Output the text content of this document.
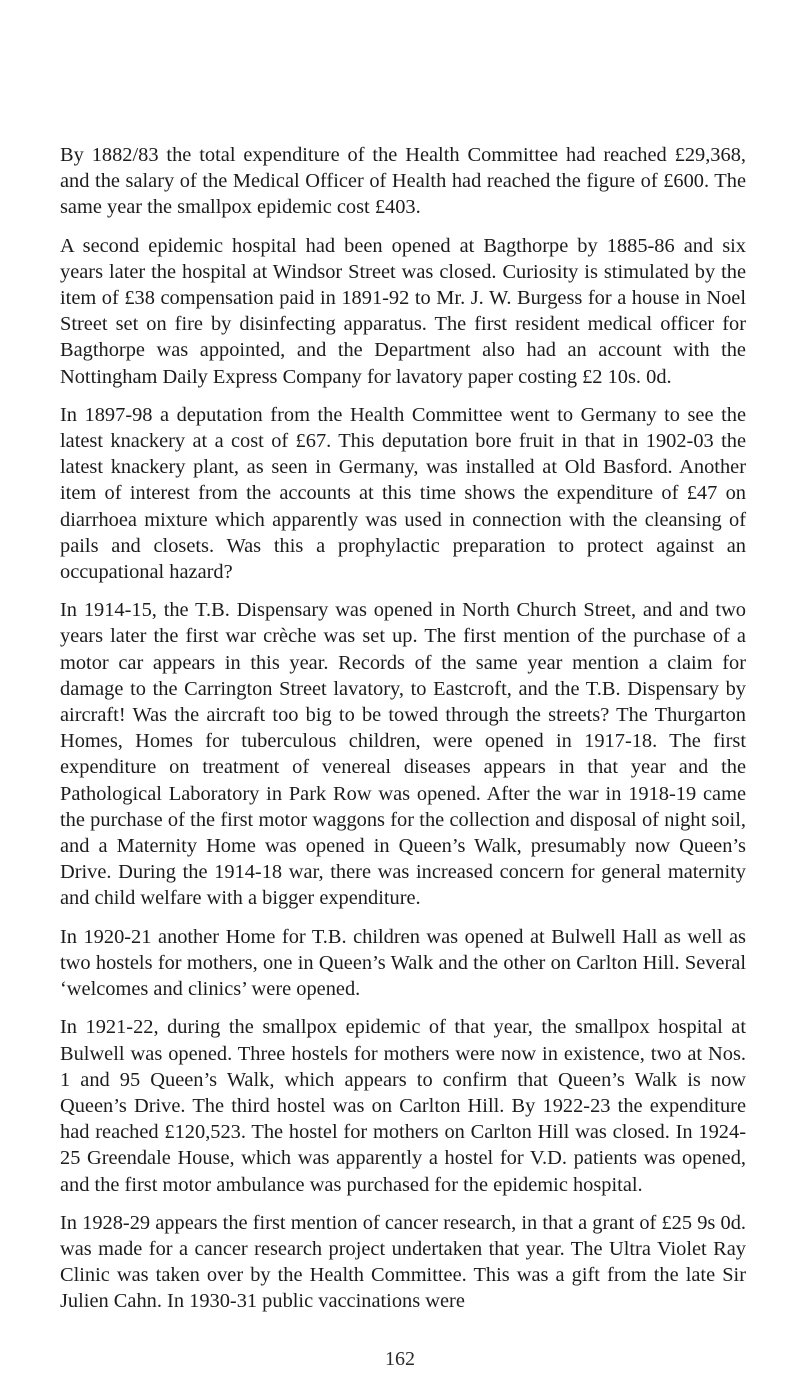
By 1882/83 the total expenditure of the Health Committee had reached £29,368, and the salary of the Medical Officer of Health had reached the figure of £600. The same year the smallpox epidemic cost £403.

A second epidemic hospital had been opened at Bagthorpe by 1885-86 and six years later the hospital at Windsor Street was closed. Curiosity is stimulated by the item of £38 compensation paid in 1891-92 to Mr. J. W. Burgess for a house in Noel Street set on fire by disinfecting apparatus. The first resident medical officer for Bagthorpe was appointed, and the Department also had an account with the Nottingham Daily Express Company for lavatory paper costing £2 10s. 0d.

In 1897-98 a deputation from the Health Committee went to Germany to see the latest knackery at a cost of £67. This deputation bore fruit in that in 1902-03 the latest knackery plant, as seen in Germany, was installed at Old Basford. Another item of interest from the accounts at this time shows the expenditure of £47 on diarrhoea mixture which apparently was used in connection with the cleansing of pails and closets. Was this a prophylactic preparation to protect against an occupational hazard?

In 1914-15, the T.B. Dispensary was opened in North Church Street, and and two years later the first war crèche was set up. The first mention of the purchase of a motor car appears in this year. Records of the same year mention a claim for damage to the Carrington Street lavatory, to Eastcroft, and the T.B. Dispensary by aircraft! Was the aircraft too big to be towed through the streets? The Thurgarton Homes, Homes for tuberculous children, were opened in 1917-18. The first expenditure on treatment of venereal diseases appears in that year and the Pathological Laboratory in Park Row was opened. After the war in 1918-19 came the purchase of the first motor waggons for the collection and disposal of night soil, and a Maternity Home was opened in Queen’s Walk, presumably now Queen’s Drive. During the 1914-18 war, there was increased concern for general maternity and child welfare with a bigger expenditure.

In 1920-21 another Home for T.B. children was opened at Bulwell Hall as well as two hostels for mothers, one in Queen’s Walk and the other on Carlton Hill. Several ‘welcomes and clinics’ were opened.

In 1921-22, during the smallpox epidemic of that year, the smallpox hospital at Bulwell was opened. Three hostels for mothers were now in existence, two at Nos. 1 and 95 Queen’s Walk, which appears to confirm that Queen’s Walk is now Queen’s Drive. The third hostel was on Carlton Hill. By 1922-23 the expenditure had reached £120,523. The hostel for mothers on Carlton Hill was closed. In 1924-25 Greendale House, which was apparently a hostel for V.D. patients was opened, and the first motor ambulance was purchased for the epidemic hospital.

In 1928-29 appears the first mention of cancer research, in that a grant of £25 9s 0d. was made for a cancer research project undertaken that year. The Ultra Violet Ray Clinic was taken over by the Health Committee. This was a gift from the late Sir Julien Cahn. In 1930-31 public vaccinations were

162
